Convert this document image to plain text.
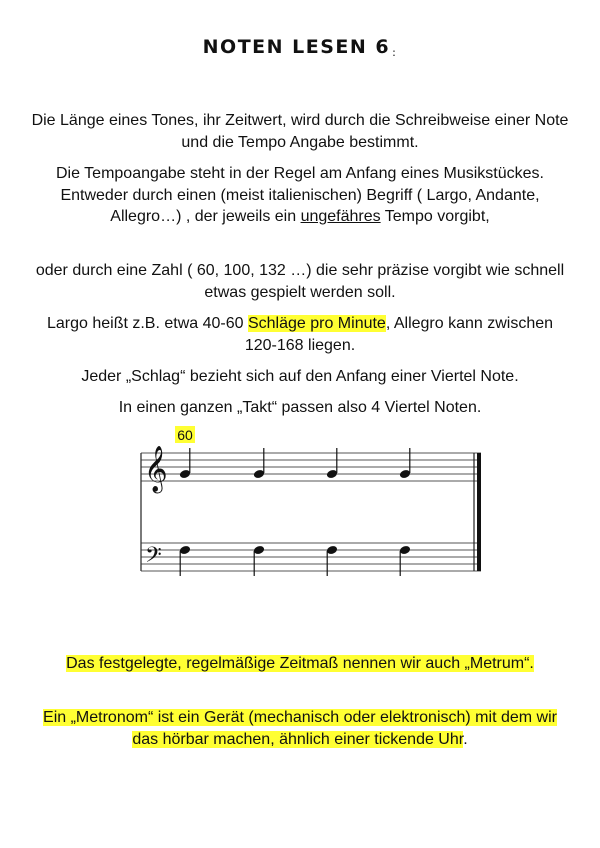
NOTEN LESEN 6 :
Die Länge eines Tones, ihr Zeitwert, wird durch die Schreibweise einer Note und die Tempo Angabe bestimmt.
Die Tempoangabe steht in der Regel am Anfang eines Musikstückes. Entweder durch einen (meist italienischen) Begriff ( Largo, Andante, Allegro…) , der jeweils ein ungefähres Tempo vorgibt,
oder durch eine Zahl ( 60, 100, 132 …) die sehr präzise vorgibt wie schnell etwas gespielt werden soll.
Largo heißt z.B. etwa 40-60 Schläge pro Minute, Allegro kann zwischen 120-168 liegen.
Jeder „Schlag“ bezieht sich auf den Anfang einer Viertel Note.
In einen ganzen „Takt“ passen also 4 Viertel Noten.
60
𝄞
𝄢
Das festgelegte, regelmäßige Zeitmaß nennen wir auch „Metrum“.
Ein „Metronom“ ist ein Gerät (mechanisch oder elektronisch) mit dem wir das hörbar machen, ähnlich einer tickende Uhr.
